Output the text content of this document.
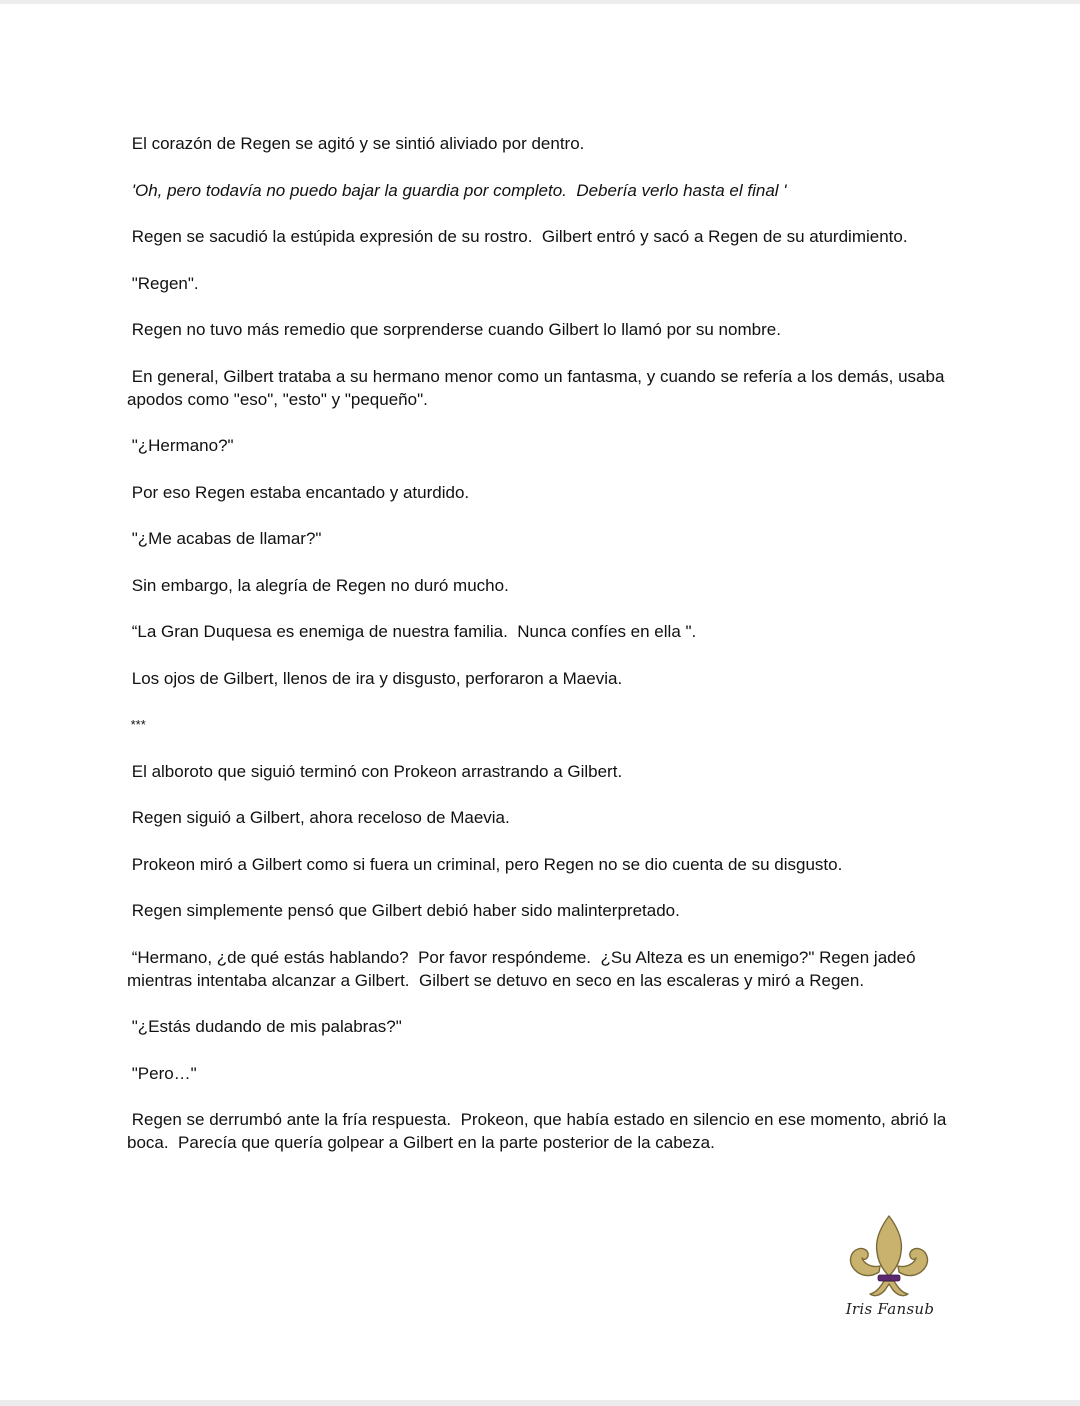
El corazón de Regen se agitó y se sintió aliviado por dentro.

'Oh, pero todavía no puedo bajar la guardia por completo.  Debería verlo hasta el final '

Regen se sacudió la estúpida expresión de su rostro.  Gilbert entró y sacó a Regen de su aturdimiento.

"Regen".

Regen no tuvo más remedio que sorprenderse cuando Gilbert lo llamó por su nombre.

En general, Gilbert trataba a su hermano menor como un fantasma, y cuando se refería a los demás, usaba apodos como "eso", "esto" y "pequeño".

"¿Hermano?"

Por eso Regen estaba encantado y aturdido.

"¿Me acabas de llamar?"

Sin embargo, la alegría de Regen no duró mucho.

“La Gran Duquesa es enemiga de nuestra familia.  Nunca confíes en ella ".

Los ojos de Gilbert, llenos de ira y disgusto, perforaron a Maevia.

***

El alboroto que siguió terminó con Prokeon arrastrando a Gilbert.

Regen siguió a Gilbert, ahora receloso de Maevia.

Prokeon miró a Gilbert como si fuera un criminal, pero Regen no se dio cuenta de su disgusto.

Regen simplemente pensó que Gilbert debió haber sido malinterpretado.

“Hermano, ¿de qué estás hablando?  Por favor respóndeme.  ¿Su Alteza es un enemigo?" Regen jadeó mientras intentaba alcanzar a Gilbert.  Gilbert se detuvo en seco en las escaleras y miró a Regen.

"¿Estás dudando de mis palabras?"

"Pero…"

Regen se derrumbó ante la fría respuesta.  Prokeon, que había estado en silencio en ese momento, abrió la boca.  Parecía que quería golpear a Gilbert en la parte posterior de la cabeza.

Iris Fansub
